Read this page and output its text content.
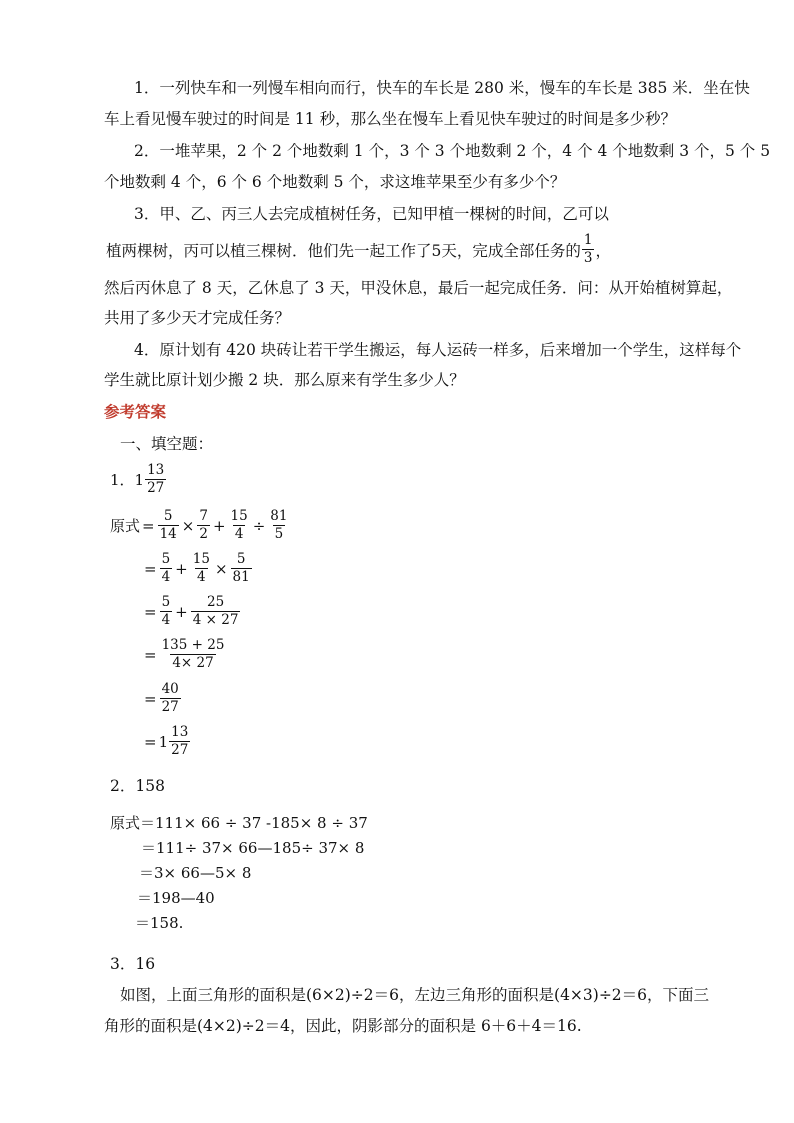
1．一列快车和一列慢车相向而行，快车的车长是 280 米，慢车的车长是 385 米．坐在快
车上看见慢车驶过的时间是 11 秒，那么坐在慢车上看见快车驶过的时间是多少秒？
2．一堆苹果，2 个 2 个地数剩 1 个，3 个 3 个地数剩 2 个，4 个 4 个地数剩 3 个，5 个 5
个地数剩 4 个，6 个 6 个地数剩 5 个，求这堆苹果至少有多少个？
3．甲、乙、丙三人去完成植树任务，已知甲植一棵树的时间，乙可以
植两棵树，丙可以植三棵树．他们先一起工作了5天，完成全部任务的 $\frac{1}{3}$ ，
然后丙休息了 8 天，乙休息了 3 天，甲没休息，最后一起完成任务．问：从开始植树算起，
共用了多少天才完成任务？
4．原计划有 420 块砖让若干学生搬运，每人运砖一样多，后来增加一个学生，这样每个
学生就比原计划少搬 2 块．那么原来有学生多少人？
参考答案
一、填空题：
1． $1 \frac{13}{27}$
原式 = $\frac{5}{14} \times \frac{7}{2} + \frac{15}{4} \div \frac{81}{5}$
= $\frac{5}{4} + \frac{15}{4} \times \frac{5}{81}$
= $\frac{5}{4} + \frac{25}{4 \times 27}$
= $\frac{135 + 25}{4\times 27}$
= $\frac{40}{27}$
= $1 \frac{13}{27}$
2．158
原式＝111× 66 ÷ 37 -185× 8 ÷ 37
＝111÷ 37× 66—185÷ 37× 8
＝3× 66—5× 8
＝198—40
＝158.
3．16
如图，上面三角形的面积是(6×2)÷2＝6，左边三角形的面积是(4×3)÷2＝6，下面三
角形的面积是(4×2)÷2＝4，因此，阴影部分的面积是 6＋6＋4＝16.
